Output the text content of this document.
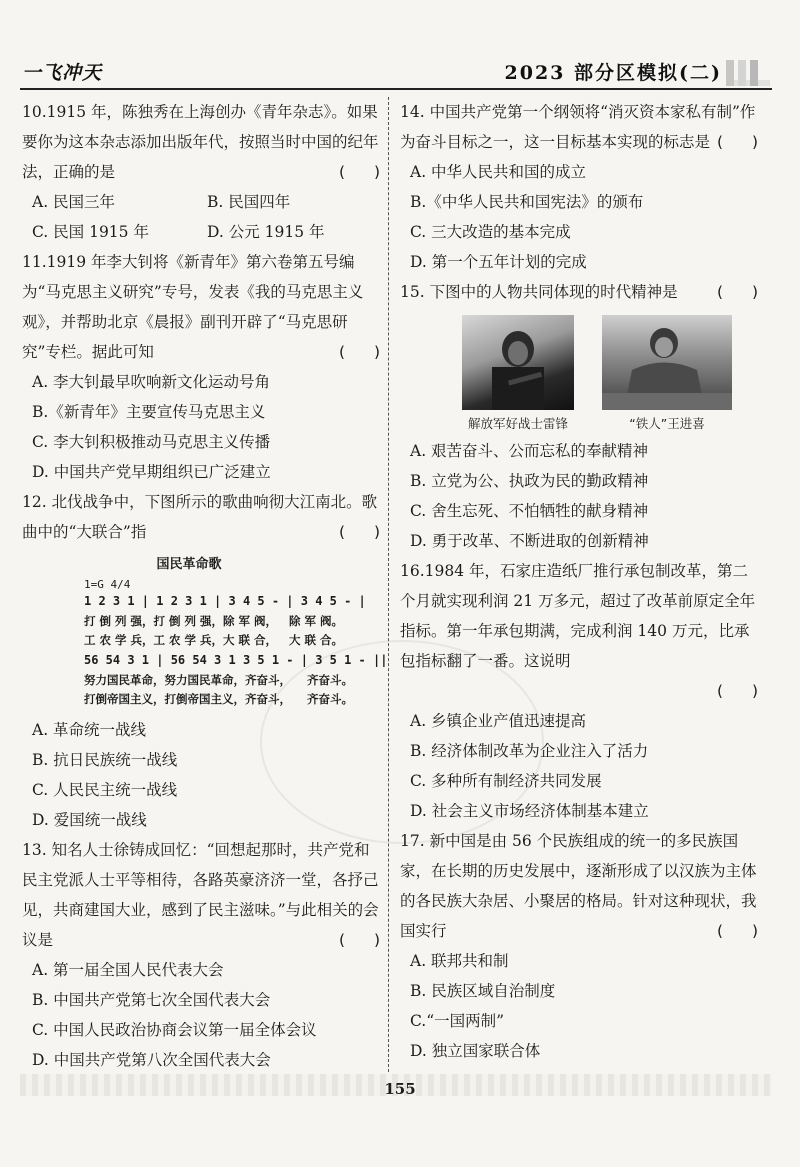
一飞冲天	2023 部分区模拟(二)

10.1915 年，陈独秀在上海创办《青年杂志》。如果要你为这本杂志添加出版年代，按照当时中国的纪年法，正确的是	( )

A. 民国三年	B. 民国四年
C. 民国 1915 年	D. 公元 1915 年

11.1919 年李大钊将《新青年》第六卷第五号编为“马克思主义研究”专号，发表《我的马克思主义观》，并帮助北京《晨报》副刊开辟了“马克思研究”专栏。据此可知	( )

A. 李大钊最早吹响新文化运动号角
B.《新青年》主要宣传马克思主义
C. 李大钊积极推动马克思主义传播
D. 中国共产党早期组织已广泛建立

12. 北伐战争中，下图所示的歌曲响彻大江南北。歌曲中的“大联合”指	( )

国民革命歌
1=G 4/4
1 2 3 1 | 1 2 3 1 | 3 4 5 - | 3 4 5 - |
打 倒 列 强，打 倒 列 强，除 军 阀，   除 军 阀。
工 农 学 兵，工 农 学 兵，大 联 合，   大 联 合。
56 54 3 1 | 56 54 3 1 3 5 1 - | 3 5 1 - ||
努力国民革命，努力国民革命，齐奋斗，    齐奋斗。
打倒帝国主义，打倒帝国主义，齐奋斗，    齐奋斗。
A. 革命统一战线
B. 抗日民族统一战线
C. 人民民主统一战线
D. 爱国统一战线

13. 知名人士徐铸成回忆：“回想起那时，共产党和民主党派人士平等相待，各路英豪济济一堂，各抒己见，共商建国大业，感到了民主滋味。”与此相关的会议是	( )

A. 第一届全国人民代表大会
B. 中国共产党第七次全国代表大会
C. 中国人民政治协商会议第一届全体会议
D. 中国共产党第八次全国代表大会

14. 中国共产党第一个纲领将“消灭资本家私有制”作为奋斗目标之一，这一目标基本实现的标志是 ( )

A. 中华人民共和国的成立
B.《中华人民共和国宪法》的颁布
C. 三大改造的基本完成
D. 第一个五年计划的完成

15. 下图中的人物共同体现的时代精神是	( )

解放军好战士雷锋	“铁人”王进喜
A. 艰苦奋斗、公而忘私的奉献精神
B. 立党为公、执政为民的勤政精神
C. 舍生忘死、不怕牺牲的献身精神
D. 勇于改革、不断进取的创新精神

16.1984 年，石家庄造纸厂推行承包制改革，第二个月就实现利润 21 万多元，超过了改革前原定全年指标。第一年承包期满，完成利润 140 万元，比承包指标翻了一番。这说明

( )

A. 乡镇企业产值迅速提高
B. 经济体制改革为企业注入了活力
C. 多种所有制经济共同发展
D. 社会主义市场经济体制基本建立

17. 新中国是由 56 个民族组成的统一的多民族国家，在长期的历史发展中，逐渐形成了以汉族为主体的各民族大杂居、小聚居的格局。针对这种现状，我国实行	( )

A. 联邦共和制
B. 民族区域自治制度
C.“一国两制”
D. 独立国家联合体
155
